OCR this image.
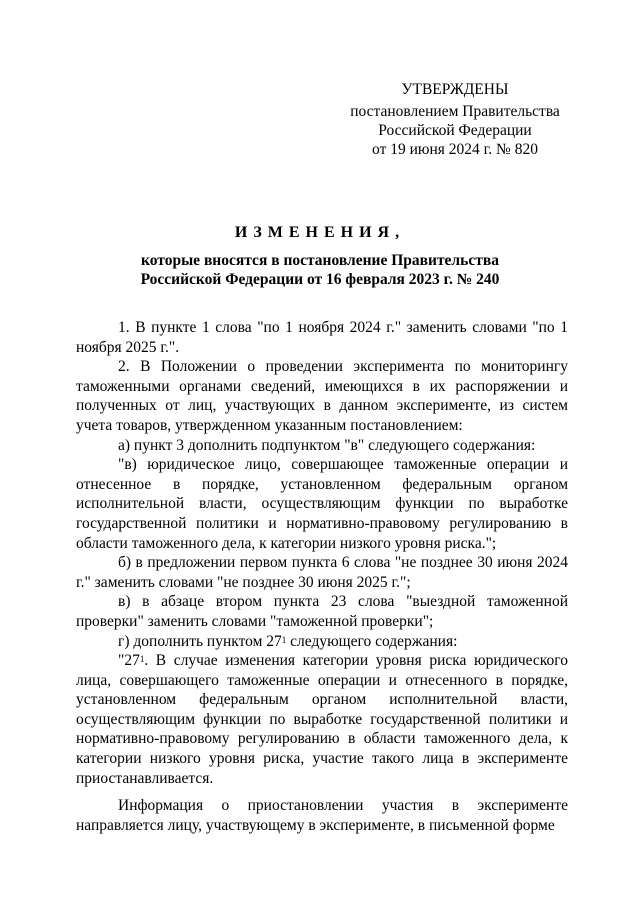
УТВЕРЖДЕНЫ
постановлением Правительства
Российской Федерации
от 19 июня 2024 г. № 820
ИЗМЕНЕНИЯ,
которые вносятся в постановление Правительства
Российской Федерации от 16 февраля 2023 г. № 240

1. В пункте 1 слова "по 1 ноября 2024 г." заменить словами "по 1 ноября 2025 г.".

2. В Положении о проведении эксперимента по мониторингу таможенными органами сведений, имеющихся в их распоряжении и полученных от лиц, участвующих в данном эксперименте, из систем учета товаров, утвержденном указанным постановлением:

а) пункт 3 дополнить подпунктом "в" следующего содержания:

"в) юридическое лицо, совершающее таможенные операции и отнесенное в порядке, установленном федеральным органом исполнительной власти, осуществляющим функции по выработке государственной политики и нормативно-правовому регулированию в области таможенного дела, к категории низкого уровня риска.";

б) в предложении первом пункта 6 слова "не позднее 30 июня 2024 г." заменить словами "не позднее 30 июня 2025 г.";

в) в абзаце втором пункта 23 слова "выездной таможенной проверки" заменить словами "таможенной проверки";

г) дополнить пунктом $27^1$ следующего содержания:

"$27^1$. В случае изменения категории уровня риска юридического лица, совершающего таможенные операции и отнесенного в порядке, установленном федеральным органом исполнительной власти, осуществляющим функции по выработке государственной политики и нормативно-правовому регулированию в области таможенного дела, к категории низкого уровня риска, участие такого лица в эксперименте приостанавливается.

Информация о приостановлении участия в эксперименте направляется лицу, участвующему в эксперименте, в письменной форме
